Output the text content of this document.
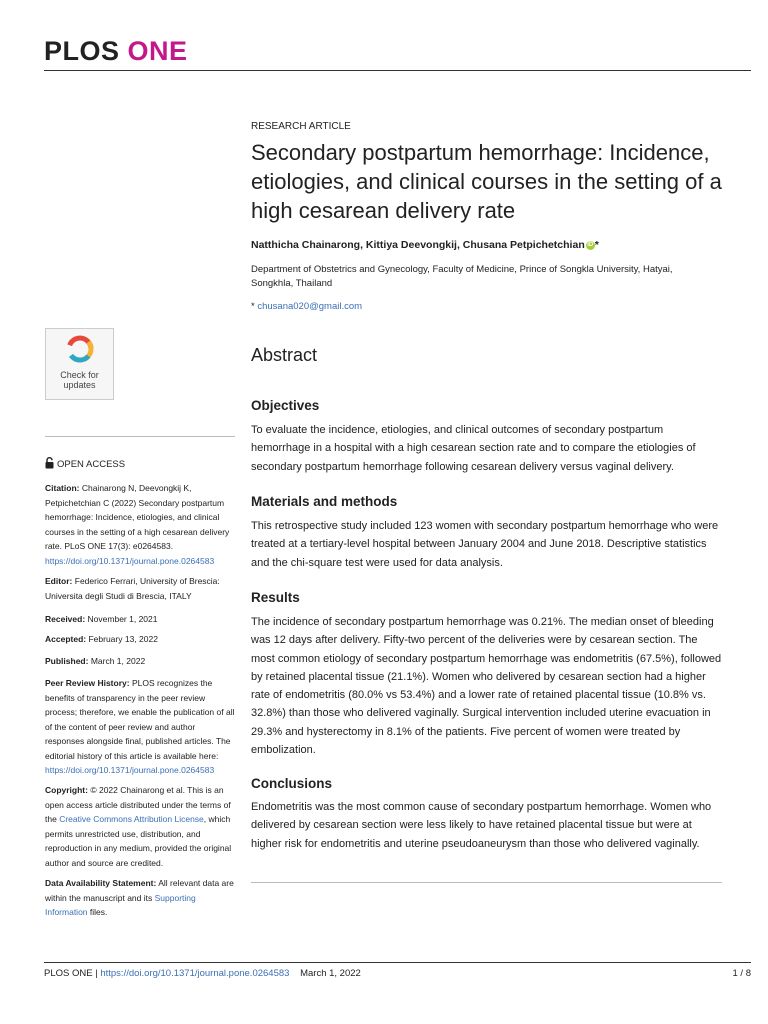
PLOS ONE
RESEARCH ARTICLE
Secondary postpartum hemorrhage: Incidence, etiologies, and clinical courses in the setting of a high cesarean delivery rate
Natthicha Chainarong, Kittiya Deevongkij, Chusana Petpichetchian iD *
Department of Obstetrics and Gynecology, Faculty of Medicine, Prince of Songkla University, Hatyai, Songkhla, Thailand
* chusana020@gmail.com
Abstract
Objectives
To evaluate the incidence, etiologies, and clinical outcomes of secondary postpartum hemorrhage in a hospital with a high cesarean section rate and to compare the etiologies of secondary postpartum hemorrhage following cesarean delivery versus vaginal delivery.
Materials and methods
This retrospective study included 123 women with secondary postpartum hemorrhage who were treated at a tertiary-level hospital between January 2004 and June 2018. Descriptive statistics and the chi-square test were used for data analysis.
Results
The incidence of secondary postpartum hemorrhage was 0.21%. The median onset of bleeding was 12 days after delivery. Fifty-two percent of the deliveries were by cesarean section. The most common etiology of secondary postpartum hemorrhage was endometritis (67.5%), followed by retained placental tissue (21.1%). Women who delivered by cesarean section had a higher rate of endometritis (80.0% vs 53.4%) and a lower rate of retained placental tissue (10.8% vs. 32.8%) than those who delivered vaginally. Surgical intervention included uterine evacuation in 29.3% and hysterectomy in 8.1% of the patients. Five percent of women were treated by embolization.
Conclusions
Endometritis was the most common cause of secondary postpartum hemorrhage. Women who delivered by cesarean section were less likely to have retained placental tissue but were at higher risk for endometritis and uterine pseudoaneurysm than those who delivered vaginally.
Check for updates
OPEN ACCESS
Citation: Chainarong N, Deevongkij K, Petpichetchian C (2022) Secondary postpartum hemorrhage: Incidence, etiologies, and clinical courses in the setting of a high cesarean delivery rate. PLoS ONE 17(3): e0264583. https://doi.org/10.1371/journal.pone.0264583
Editor: Federico Ferrari, University of Brescia: Universita degli Studi di Brescia, ITALY
Received: November 1, 2021
Accepted: February 13, 2022
Published: March 1, 2022
Peer Review History: PLOS recognizes the benefits of transparency in the peer review process; therefore, we enable the publication of all of the content of peer review and author responses alongside final, published articles. The editorial history of this article is available here: https://doi.org/10.1371/journal.pone.0264583
Copyright: © 2022 Chainarong et al. This is an open access article distributed under the terms of the Creative Commons Attribution License, which permits unrestricted use, distribution, and reproduction in any medium, provided the original author and source are credited.
Data Availability Statement: All relevant data are within the manuscript and its Supporting Information files.
PLOS ONE | https://doi.org/10.1371/journal.pone.0264583 March 1, 2022	1 / 8
